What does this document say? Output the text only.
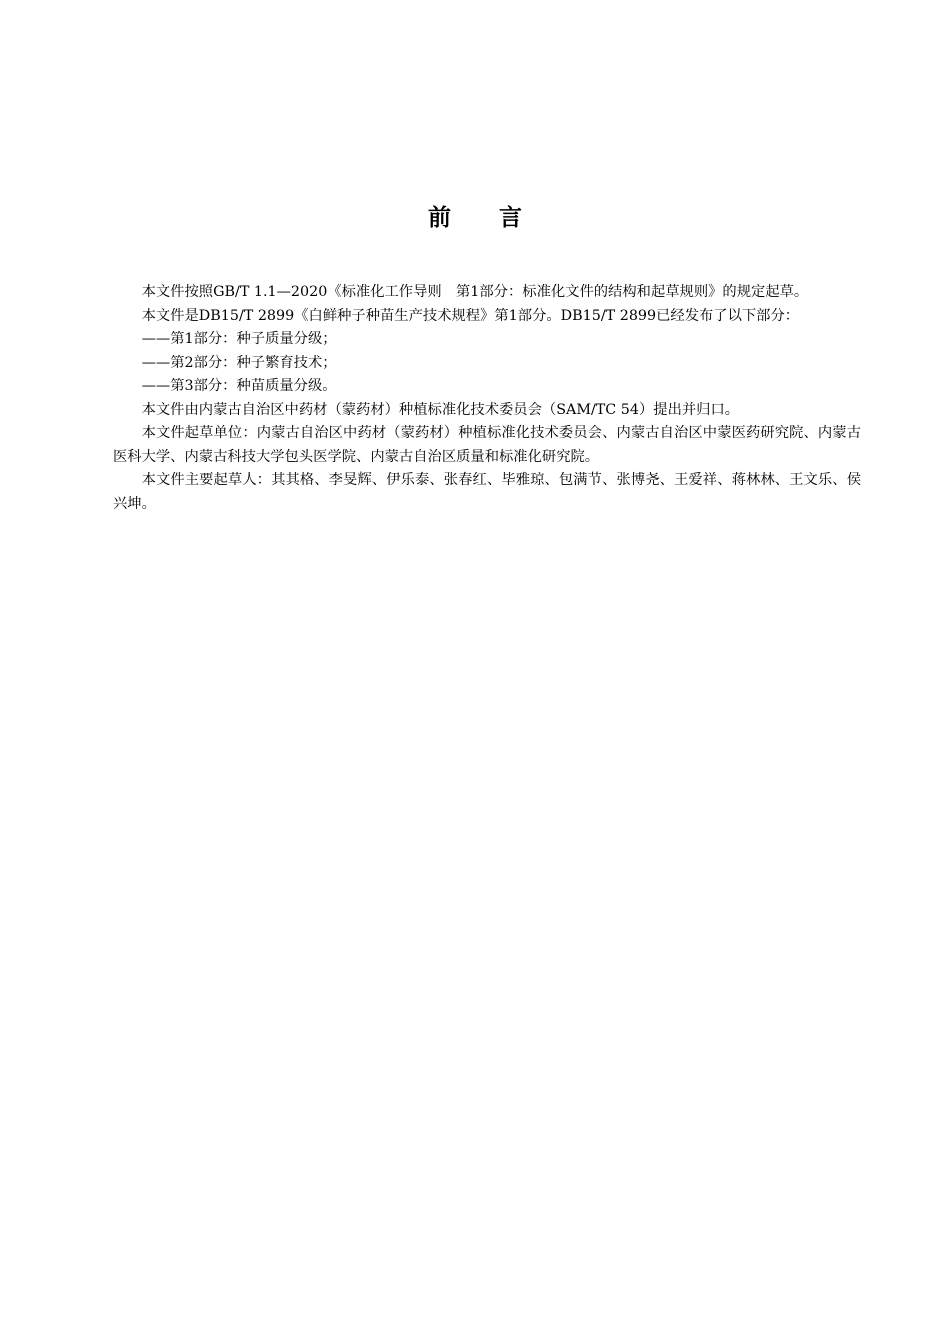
前言

本文件按照GB/T 1.1—2020《标准化工作导则　第1部分：标准化文件的结构和起草规则》的规定起草。

本文件是DB15/T 2899《白鲜种子种苗生产技术规程》第1部分。DB15/T 2899已经发布了以下部分：

——第1部分：种子质量分级；

——第2部分：种子繁育技术；

——第3部分：种苗质量分级。

本文件由内蒙古自治区中药材（蒙药材）种植标准化技术委员会（SAM/TC 54）提出并归口。

本文件起草单位：内蒙古自治区中药材（蒙药材）种植标准化技术委员会、内蒙古自治区中蒙医药研究院、内蒙古医科大学、内蒙古科技大学包头医学院、内蒙古自治区质量和标准化研究院。

本文件主要起草人：其其格、李旻辉、伊乐泰、张春红、毕雅琼、包满节、张博尧、王爱祥、蒋林林、王文乐、侯兴坤。
